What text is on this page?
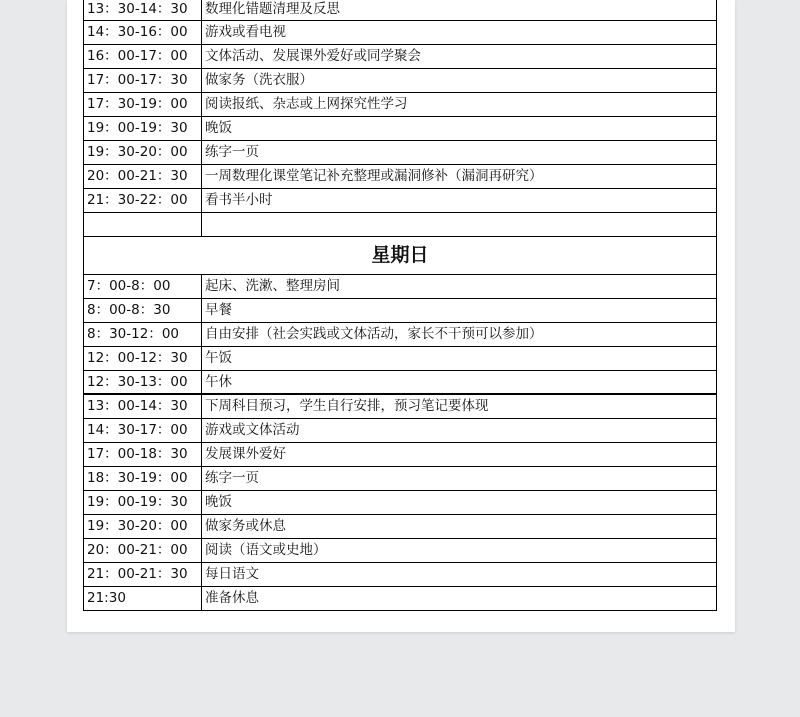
13：30-14：30	数理化错题清理及反思
14：30-16：00	游戏或看电视
16：00-17：00	文体活动、发展课外爱好或同学聚会
17：00-17：30	做家务（洗衣服）
17：30-19：00	阅读报纸、杂志或上网探究性学习
19：00-19：30	晚饭
19：30-20：00	练字一页
20：00-21：30	一周数理化课堂笔记补充整理或漏洞修补（漏洞再研究）
21：30-22：00	看书半小时
星期日
7：00-8：00	起床、洗漱、整理房间
8：00-8：30	早餐
8：30-12：00	自由安排（社会实践或文体活动，家长不干预可以参加）
12：00-12：30	午饭
12：30-13：00	午休
13：00-14：30	下周科目预习，学生自行安排，预习笔记要体现
14：30-17：00	游戏或文体活动
17：00-18：30	发展课外爱好
18：30-19：00	练字一页
19：00-19：30	晚饭
19：30-20：00	做家务或休息
20：00-21：00	阅读（语文或史地）
21：00-21：30	每日语文
21:30	准备休息
